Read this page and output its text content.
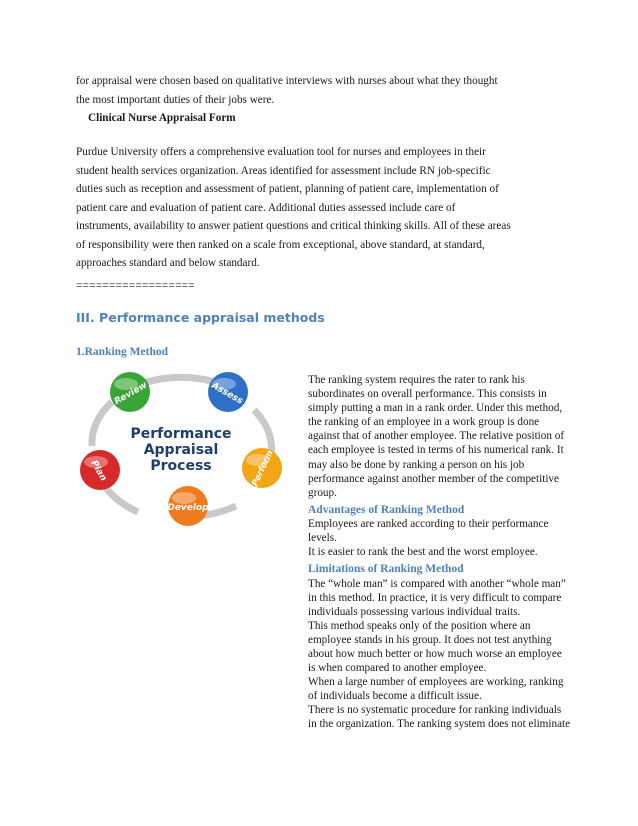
for appraisal were chosen based on qualitative interviews with nurses about what they thought
the most important duties of their jobs were.
Clinical Nurse Appraisal Form
Purdue University offers a comprehensive evaluation tool for nurses and employees in their
student health services organization. Areas identified for assessment include RN job-specific
duties such as reception and assessment of patient, planning of patient care, implementation of
patient care and evaluation of patient care. Additional duties assessed include care of
instruments, availability to answer patient questions and critical thinking skills. All of these areas
of responsibility were then ranked on a scale from exceptional, above standard, at standard,
approaches standard and below standard.
==================
III. Performance appraisal methods
1.Ranking Method
Performance
Appraisal
Process
Review	Assess
Perform
Develop
Plan

The ranking system requires the rater to rank his

subordinates on overall performance. This consists in

simply putting a man in a rank order. Under this method,

the ranking of an employee in a work group is done

against that of another employee. The relative position of

each employee is tested in terms of his numerical rank. It

may also be done by ranking a person on his job

performance against another member of the competitive

group.

Advantages of Ranking Method

Employees are ranked according to their performance

levels.

It is easier to rank the best and the worst employee.

Limitations of Ranking Method

The “whole man” is compared with another “whole man”

in this method. In practice, it is very difficult to compare

individuals possessing various individual traits.

This method speaks only of the position where an

employee stands in his group. It does not test anything

about how much better or how much worse an employee

is when compared to another employee.

When a large number of employees are working, ranking

of individuals become a difficult issue.

There is no systematic procedure for ranking individuals

in the organization. The ranking system does not eliminate
